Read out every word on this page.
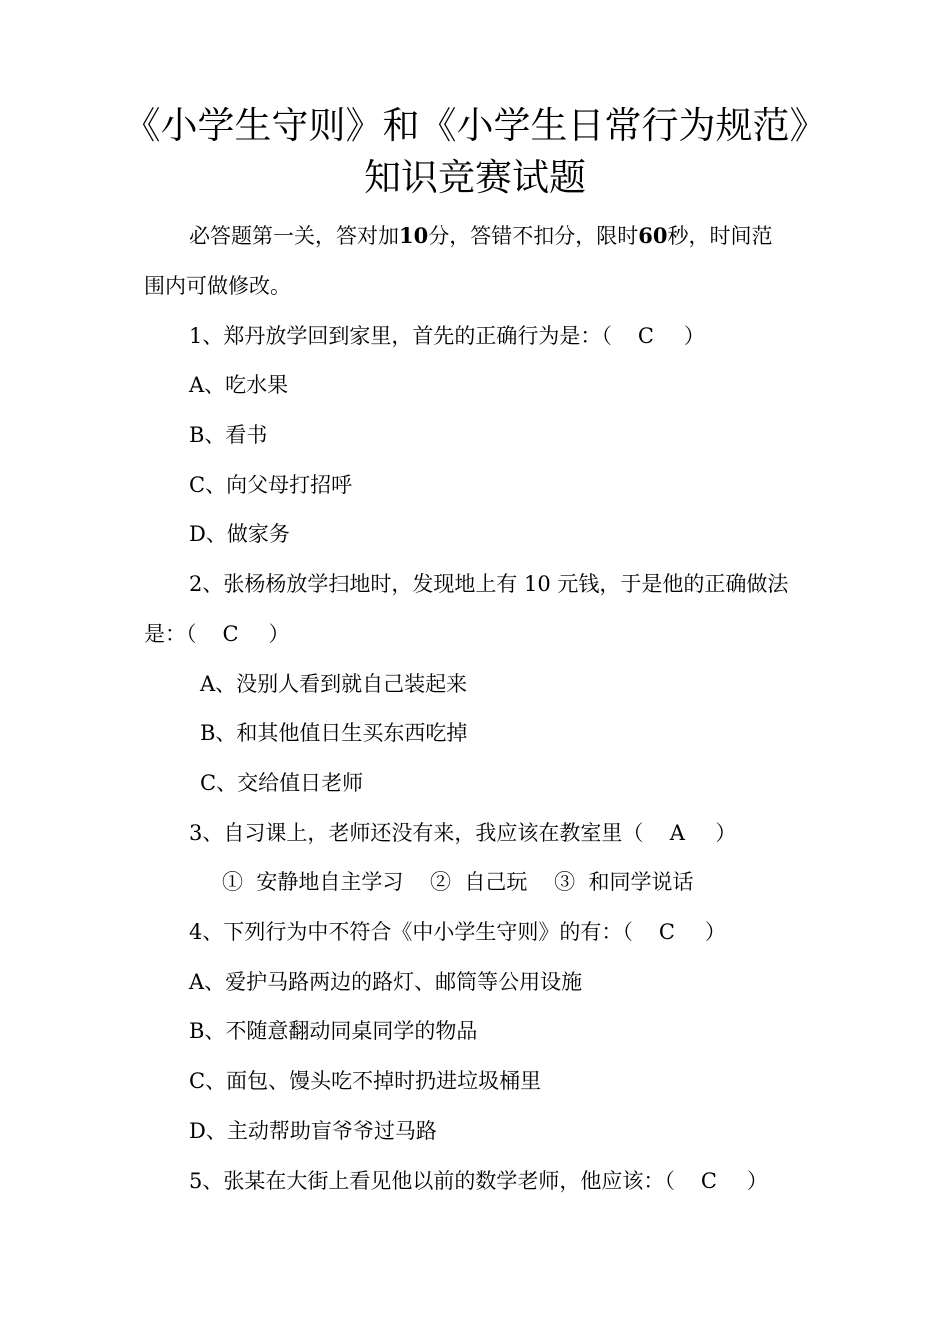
《小学生守则》和《小学生日常行为规范》
知识竞赛试题
必答题第一关，答对加10分，答错不扣分，限时60秒，时间范
围内可做修改。
1、郑丹放学回到家里，首先的正确行为是：（ C ）
A、吃水果
B、看书
C、向父母打招呼
D、做家务
2、张杨杨放学扫地时，发现地上有 10 元钱，于是他的正确做法
是：（ C ）
A、没别人看到就自己装起来
B、和其他值日生买东西吃掉
C、交给值日老师
3、自习课上，老师还没有来，我应该在教室里（ A ）
①  安静地自主学习    ②  自己玩    ③  和同学说话
4、下列行为中不符合《中小学生守则》的有：（ C ）
A、爱护马路两边的路灯、邮筒等公用设施
B、不随意翻动同桌同学的物品
C、面包、馒头吃不掉时扔进垃圾桶里
D、主动帮助盲爷爷过马路
5、张某在大街上看见他以前的数学老师，他应该：（ C ）
